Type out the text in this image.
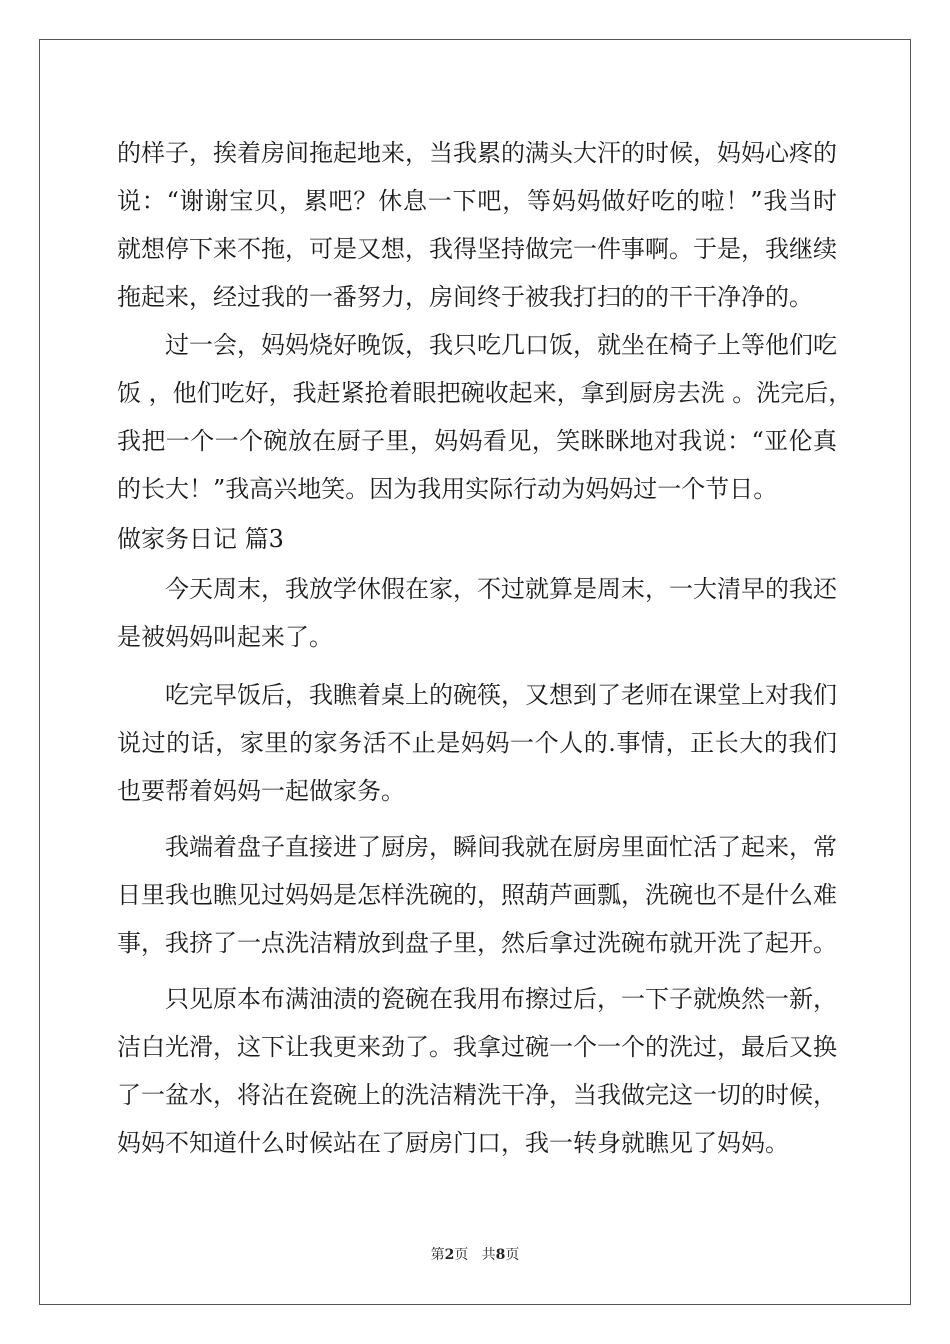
的样子，挨着房间拖起地来，当我累的满头大汗的时候，妈妈心疼的
说：“谢谢宝贝，累吧？休息一下吧，等妈妈做好吃的啦！”我当时
就想停下来不拖，可是又想，我得坚持做完一件事啊。于是，我继续
拖起来，经过我的一番努力，房间终于被我打扫的的干干净净的。
过一会，妈妈烧好晚饭，我只吃几口饭，就坐在椅子上等他们吃
饭 ，他们吃好，我赶紧抢着眼把碗收起来，拿到厨房去洗 。洗完后，
我把一个一个碗放在厨子里，妈妈看见，笑眯眯地对我说：“亚伦真
的长大！”我高兴地笑。因为我用实际行动为妈妈过一个节日。
做家务日记 篇3
今天周末，我放学休假在家，不过就算是周末，一大清早的我还
是被妈妈叫起来了。
吃完早饭后，我瞧着桌上的碗筷，又想到了老师在课堂上对我们
说过的话，家里的家务活不止是妈妈一个人的.事情，正长大的我们
也要帮着妈妈一起做家务。
我端着盘子直接进了厨房，瞬间我就在厨房里面忙活了起来，常
日里我也瞧见过妈妈是怎样洗碗的，照葫芦画瓢，洗碗也不是什么难
事，我挤了一点洗洁精放到盘子里，然后拿过洗碗布就开洗了起开。
只见原本布满油渍的瓷碗在我用布擦过后，一下子就焕然一新，
洁白光滑，这下让我更来劲了。我拿过碗一个一个的洗过，最后又换
了一盆水，将沾在瓷碗上的洗洁精洗干净，当我做完这一切的时候，
妈妈不知道什么时候站在了厨房门口，我一转身就瞧见了妈妈。
第2页 共8页
